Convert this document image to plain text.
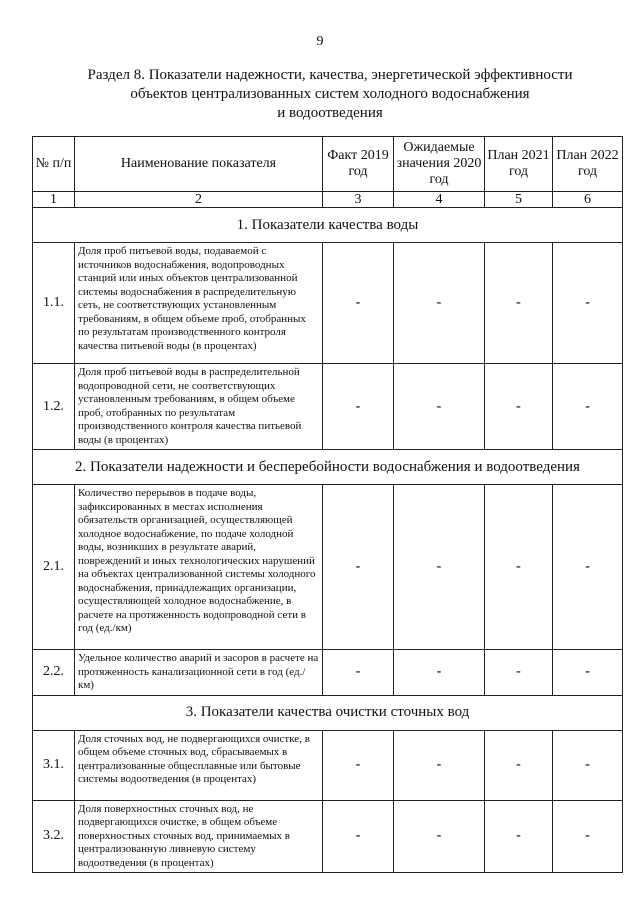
9
Раздел 8. Показатели надежности, качества, энергетической эффективности
объектов централизованных систем холодного водоснабжения
и водоотведения
№ п/п	Наименование показателя	Факт 2019 год	Ожидаемые значения 2020 год	План 2021 год	План 2022 год
1	2	3	4	5	6
1. Показатели качества воды					
1.1.	Доля проб питьевой воды, подаваемой с источников водоснабжения, водопроводных станций или иных объектов централизованной системы водоснабжения в распределительную сеть, не соответствующих установленным требованиям, в общем объеме проб, отобранных по результатам производственного контроля качества питьевой воды (в процентах)	-	-	-	-
1.2.	Доля проб питьевой воды в распределительной водопроводной сети, не соответствующих установленным требованиям, в общем объеме проб, отобранных по результатам производственного контроля качества питьевой воды (в процентах)	-	-	-	-
2. Показатели надежности и бесперебойности водоснабжения и водоотведения					
2.1.	Количество перерывов в подаче воды, зафиксированных в местах исполнения обязательств организацией, осуществляющей холодное водоснабжение, по подаче холодной воды, возникших в результате аварий, повреждений и иных технологических нарушений на объектах централизованной системы холодного водоснабжения, принадлежащих организации, осуществляющей холодное водоснабжение, в расчете на протяженность водопроводной сети в год (ед./км)	-	-	-	-
2.2.	Удельное количество аварий и засоров в расчете на протяженность канализационной сети в год (ед./км)	-	-	-	-
3. Показатели качества очистки сточных вод					
3.1.	Доля сточных вод, не подвергающихся очистке, в общем объеме сточных вод, сбрасываемых в централизованные общесплавные или бытовые системы водоотведения (в процентах)	-	-	-	-
3.2.	Доля поверхностных сточных вод, не подвергающихся очистке, в общем объеме поверхностных сточных вод, принимаемых в централизованную ливневую систему водоотведения (в процентах)	-	-	-	-
